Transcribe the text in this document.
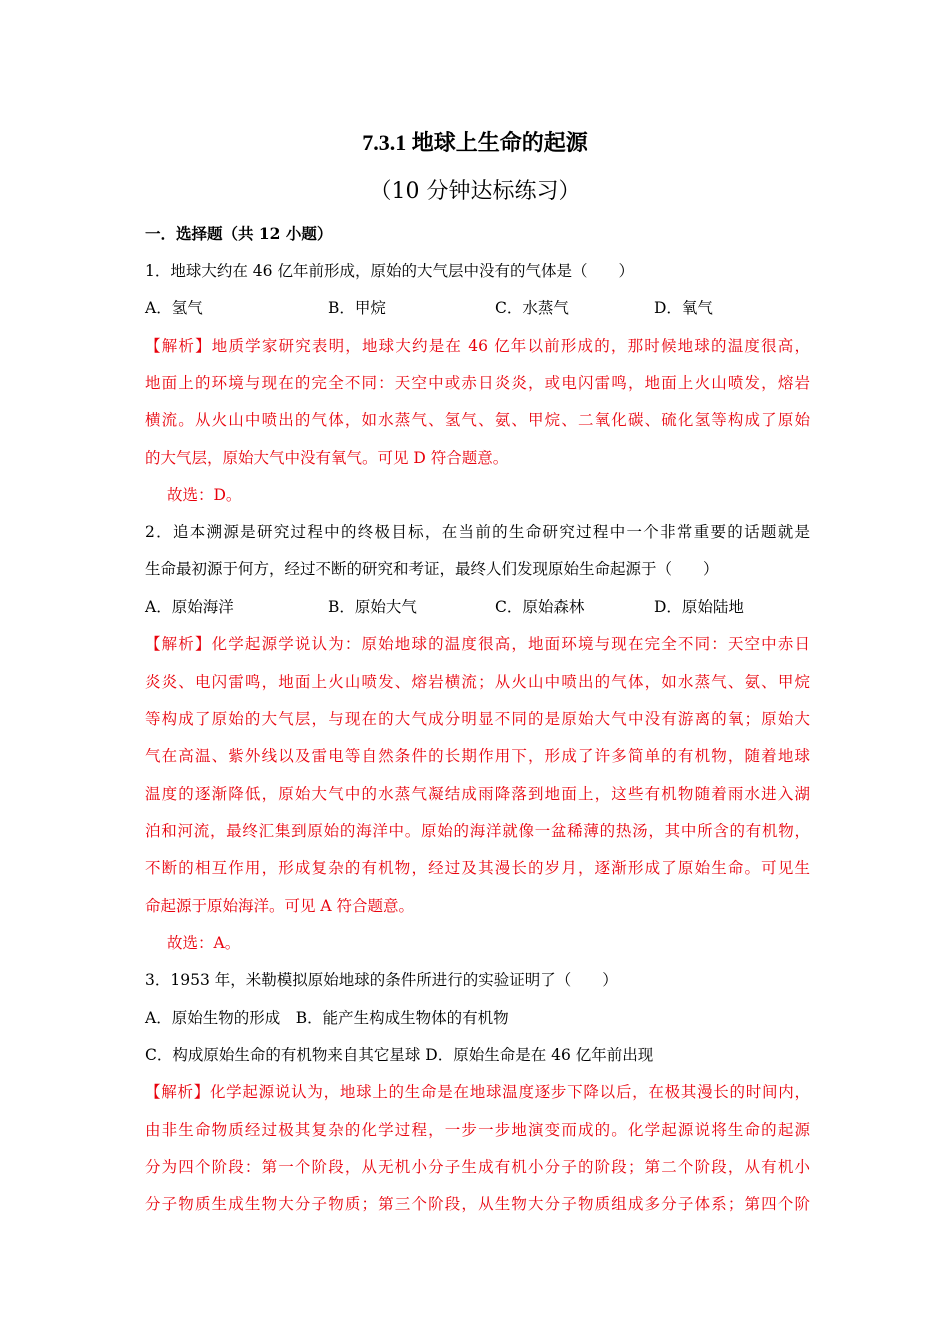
7.3.1 地球上生命的起源
（10 分钟达标练习）
一．选择题（共 12 小题）
1．地球大约在 46 亿年前形成，原始的大气层中没有的气体是（　　）
A．氢气	B．甲烷	C．水蒸气	D．氧气
【解析】地质学家研究表明，地球大约是在 46 亿年以前形成的，那时候地球的温度很高，
地面上的环境与现在的完全不同：天空中或赤日炎炎，或电闪雷鸣，地面上火山喷发，熔岩
横流。从火山中喷出的气体，如水蒸气、氢气、氨、甲烷、二氧化碳、硫化氢等构成了原始
的大气层，原始大气中没有氧气。可见 D 符合题意。
故选：D。
2．追本溯源是研究过程中的终极目标，在当前的生命研究过程中一个非常重要的话题就是
生命最初源于何方，经过不断的研究和考证，最终人们发现原始生命起源于（　　）
A．原始海洋	B．原始大气	C．原始森林	D．原始陆地
【解析】化学起源学说认为：原始地球的温度很高，地面环境与现在完全不同：天空中赤日
炎炎、电闪雷鸣，地面上火山喷发、熔岩横流；从火山中喷出的气体，如水蒸气、氨、甲烷
等构成了原始的大气层，与现在的大气成分明显不同的是原始大气中没有游离的氧；原始大
气在高温、紫外线以及雷电等自然条件的长期作用下，形成了许多简单的有机物，随着地球
温度的逐渐降低，原始大气中的水蒸气凝结成雨降落到地面上，这些有机物随着雨水进入湖
泊和河流，最终汇集到原始的海洋中。原始的海洋就像一盆稀薄的热汤，其中所含的有机物，
不断的相互作用，形成复杂的有机物，经过及其漫长的岁月，逐渐形成了原始生命。可见生
命起源于原始海洋。可见 A 符合题意。
故选：A。
3．1953 年，米勒模拟原始地球的条件所进行的实验证明了（　　）
A．原始生物的形成　B．能产生构成生物体的有机物
C．构成原始生命的有机物来自其它星球 D．原始生命是在 46 亿年前出现
【解析】化学起源说认为，地球上的生命是在地球温度逐步下降以后，在极其漫长的时间内，
由非生命物质经过极其复杂的化学过程，一步一步地演变而成的。化学起源说将生命的起源
分为四个阶段：第一个阶段，从无机小分子生成有机小分子的阶段；第二个阶段，从有机小
分子物质生成生物大分子物质；第三个阶段，从生物大分子物质组成多分子体系；第四个阶
